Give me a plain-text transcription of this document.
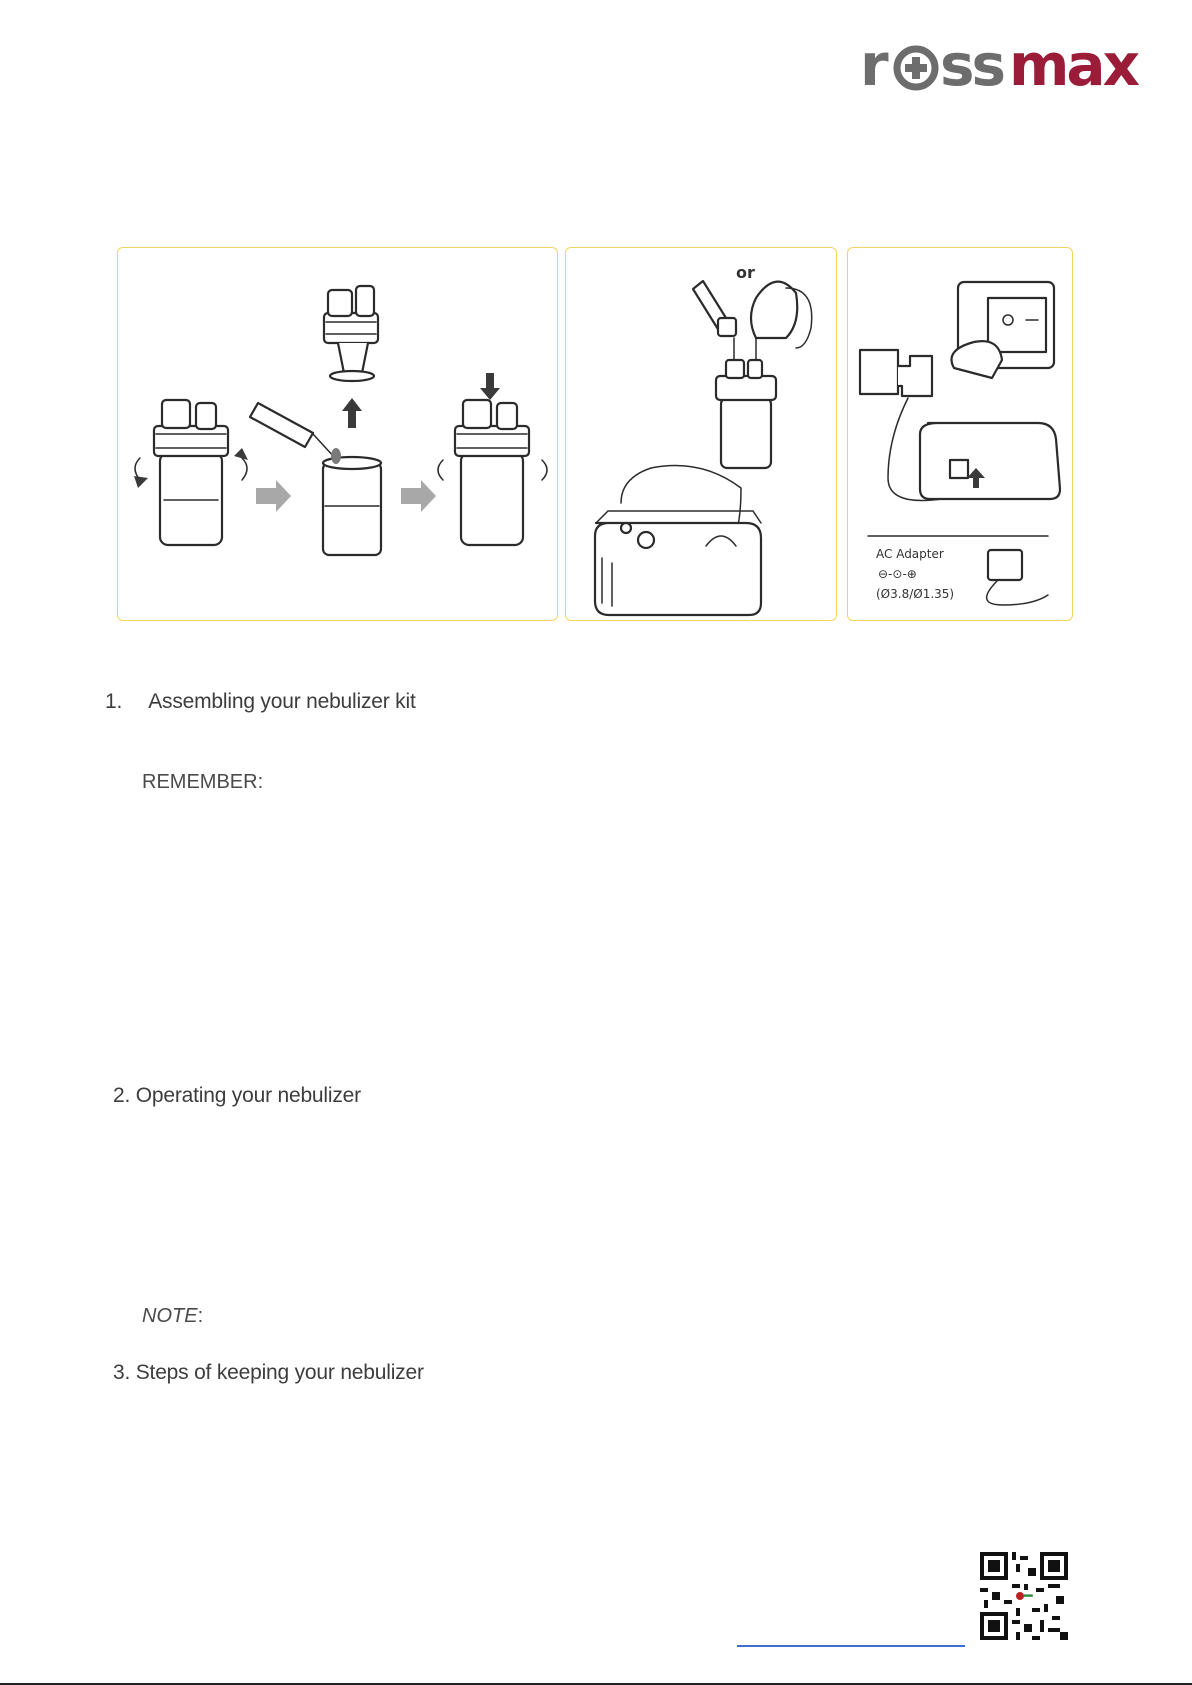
r ss max
or
AC Adapter
⊖-⊙-⊕
(Ø3.8/Ø1.35)
1. Assembling your nebulizer kit
REMEMBER:
2. Operating your nebulizer
NOTE:
3. Steps of keeping your nebulizer
